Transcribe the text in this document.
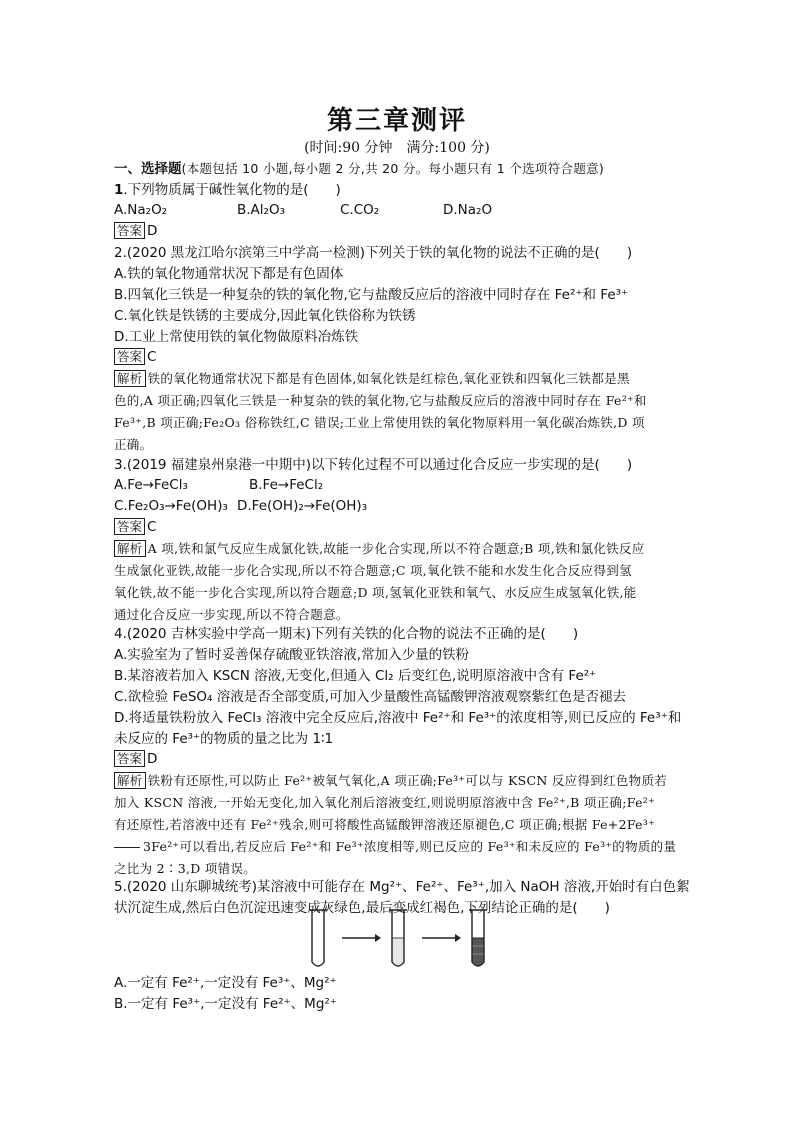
第三章测评
(时间:90 分钟　满分:100 分)
一、选择题(本题包括 10 小题,每小题 2 分,共 20 分。每小题只有 1 个选项符合题意)
1.下列物质属于碱性氧化物的是(　　)
A.Na₂O₂	B.Al₂O₃	C.CO₂	D.Na₂O
答案 D
2.(2020 黑龙江哈尔滨第三中学高一检测)下列关于铁的氧化物的说法不正确的是(　　)
A.铁的氧化物通常状况下都是有色固体
B.四氧化三铁是一种复杂的铁的氧化物,它与盐酸反应后的溶液中同时存在 Fe²⁺和 Fe³⁺
C.氧化铁是铁锈的主要成分,因此氧化铁俗称为铁锈
D.工业上常使用铁的氧化物做原料冶炼铁
答案 C
解析 铁的氧化物通常状况下都是有色固体,如氧化铁是红棕色,氧化亚铁和四氧化三铁都是黑
色的,A 项正确;四氧化三铁是一种复杂的铁的氧化物,它与盐酸反应后的溶液中同时存在 Fe²⁺和
Fe³⁺,B 项正确;Fe₂O₃ 俗称铁红,C 错误;工业上常使用铁的氧化物原料用一氧化碳冶炼铁,D 项
正确。
3.(2019 福建泉州泉港一中期中)以下转化过程不可以通过化合反应一步实现的是(　　)
A.Fe→FeCl₃	B.Fe→FeCl₂
C.Fe₂O₃→Fe(OH)₃ D.Fe(OH)₂→Fe(OH)₃
答案 C
解析 A 项,铁和氯气反应生成氯化铁,故能一步化合实现,所以不符合题意;B 项,铁和氯化铁反应
生成氯化亚铁,故能一步化合实现,所以不符合题意;C 项,氧化铁不能和水发生化合反应得到氢
氧化铁,故不能一步化合实现,所以符合题意;D 项,氢氧化亚铁和氧气、水反应生成氢氧化铁,能
通过化合反应一步实现,所以不符合题意。
4.(2020 吉林实验中学高一期末)下列有关铁的化合物的说法不正确的是(　　)
A.实验室为了暂时妥善保存硫酸亚铁溶液,常加入少量的铁粉
B.某溶液若加入 KSCN 溶液,无变化,但通入 Cl₂ 后变红色,说明原溶液中含有 Fe²⁺
C.欲检验 FeSO₄ 溶液是否全部变质,可加入少量酸性高锰酸钾溶液观察紫红色是否褪去
D.将适量铁粉放入 FeCl₃ 溶液中完全反应后,溶液中 Fe²⁺和 Fe³⁺的浓度相等,则已反应的 Fe³⁺和
未反应的 Fe³⁺的物质的量之比为 1∶1
答案 D
解析 铁粉有还原性,可以防止 Fe²⁺被氧气氧化,A 项正确;Fe³⁺可以与 KSCN 反应得到红色物质若
加入 KSCN 溶液,一开始无变化,加入氧化剂后溶液变红,则说明原溶液中含 Fe²⁺,B 项正确;Fe²⁺
有还原性,若溶液中还有 Fe²⁺残余,则可将酸性高锰酸钾溶液还原褪色,C 项正确;根据 Fe+2Fe³⁺
3Fe²⁺可以看出,若反应后 Fe²⁺和 Fe³⁺浓度相等,则已反应的 Fe³⁺和未反应的 Fe³⁺的物质的量
之比为 2∶3,D 项错误。
5.(2020 山东聊城统考)某溶液中可能存在 Mg²⁺、Fe²⁺、Fe³⁺,加入 NaOH 溶液,开始时有白色絮
状沉淀生成,然后白色沉淀迅速变成灰绿色,最后变成红褐色,下列结论正确的是(　　)
A.一定有 Fe²⁺,一定没有 Fe³⁺、Mg²⁺
B.一定有 Fe³⁺,一定没有 Fe²⁺、Mg²⁺
